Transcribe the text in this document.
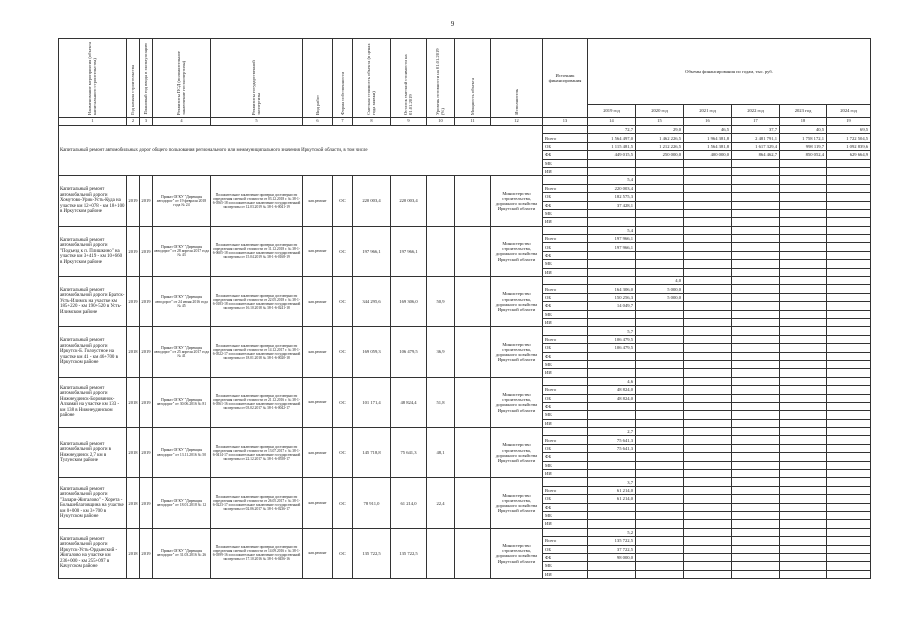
9
Наименование мероприятия (объекта капитального строительства)	Год начала строительства	Плановый год ввода в эксплуатацию	Реквизиты ПСД (положительное заключение госэкспертизы)	Реквизиты государственной экспертизы	Вид работ	Форма собственности	Сметная стоимость объекта (в ценах года заявки)	Остаток сметной стоимости на 01.01.2019	Уровень готовности на 01.01.2019 (%)	Мощность объекта	Исполнитель	Источник финансирования	Объемы финансирования по годам, тыс. руб.					
													2019 год	2020 год	2021 год	2022 год	2023 год	2024 год
1	2	3	4	5	6	7	8	9	10	11	12	13	14	15	16	17	18	19
Капитальный ремонт автомобильных дорог общего пользования регионального или межмуниципального значения Иркутской области, в том числе													72,7	29,0	46,5	37,7	40,5	69,5
												Всего	1 564 497,0	1 462 226,5	1 964 381,8	2 481 791,1	1 758 172,1	1 722 504,5
												ОБ	1 115 481,5	1 212 226,5	1 564 381,8	1 617 329,4	998 119,7	1 092 839,6
												ФБ	449 015,5	250 000,0	400 000,0	864 462,7	850 052,4	629 664,9
												МБ						
												ИИ						
Капитальный ремонт автомобильной дороги Хомутово-Урик-Усть-Куда на участке км 12+078 - км 18+100 в Иркутском районе	2019	2019	Приказ ОГКУ "Дирекция автодорог" от 19 февраля 2018 года № 24	Положительное заключение проверки достоверности определения сметной стоимости от 03.12.2018 г. № 38-1-6-0565-18 и положительное заключение государственной экспертизы от 12.03.2019 № 38-1-6-0041-19	кап.ремонт	ОС	220 003,4	220 003,4			Министерство строительства, дорожного хозяйства Иркутской области		5,4					
												Всего	220 003,4					
												ОБ	182 575,3					
												ФБ	37 428,1					
												МБ						
												ИИ						
Капитальный ремонт автомобильной дороги "Подъезд к п. Плишкино" на участке км 3+419 - км 10+660 в Иркутском районе	2019	2019	Приказ ОГКУ "Дирекция автодорог" от 28 апреля 2017 года № 43	Положительное заключение проверки достоверности определения сметной стоимости от 11.12.2018 г. № 38-1-6-0605-18 и положительное заключение государственной экспертизы от 15.04.2019 № 38-1-6-0168-19	кап.ремонт	ОС	197 966,1	197 966,1			Министерство строительства, дорожного хозяйства Иркутской области		5,4					
												Всего	197 966,1					
												ОБ	197 966,1					
												ФБ						
												МБ						
												ИИ						
Капитальный ремонт автомобильной дороги Братск-Усть-Илимск на участке км 185+220 - км 190+520 в Усть-Илимском районе	2019	2019	Приказ ОГКУ "Дирекция автодорог" от 24 июня 2016 года № 45	Положительное заключение проверки достоверности определения сметной стоимости от 22.05.2018 г. № 38-1-6-0183-18 и положительное заключение государственной экспертизы от 16.10.2018 № 38-1-6-0241-18	кап.ремонт	ОС	344 295,6	169 306,0	50,9		Министерство строительства, дорожного хозяйства Иркутской области			4,0				
												Всего	164 306,0	5 000,0				
												ОБ	150 256,3	5 000,0				
												ФБ	14 049,7					
												МБ						
												ИИ						
Капитальный ремонт автомобильной дороги Иркутск-Б. Голоустное на участке км 41 - км 46+700 в Иркутском районе	2018	2019	Приказ ОГКУ "Дирекция автодорог" от 25 апреля 2017 года № 41	Положительное заключение проверки достоверности определения сметной стоимости от 14.12.2017 г. № 38-1-6-0522-17 и положительное заключение государственной экспертизы от 18.01.2018 № 38-1-6-0020-18	кап.ремонт	ОС	169 059,3	106 479,5	36,9		Министерство строительства, дорожного хозяйства Иркутской области		5,7					
												Всего	106 479,5					
												ОБ	106 479,5					
												ФБ						
												МБ						
												ИИ						
Капитальный ремонт автомобильной дороги Нижнеудинск-Боровинок-Алзамай на участке км 133 - км 138 в Нижнеудинском районе	2018	2019	Приказ ОГКУ "Дирекция автодорог" от 30.06.2016 № 81	Положительное заключение проверки достоверности определения сметной стоимости от 21.12.2016 г. № 38-1-6-0561-16 и положительное заключение государственной экспертизы от 03.02.2017 № 38-1-6-0042-17	кап.ремонт	ОС	101 171,4	48 824,4	51,8		Министерство строительства, дорожного хозяйства Иркутской области		4,6					
												Всего	48 824,0					
												ОБ	48 824,0					
												ФБ						
												МБ						
												ИИ						
Капитальный ремонт автомобильной дороги в Нижнеудинск 2,7 км в Тулунском районе	2018	2019	Приказ ОГКУ "Дирекция автодорог" от 13.11.2016 № 50	Положительное заключение проверки достоверности определения сметной стоимости от 13.07.2017 г. № 38-1-6-0414-17 и положительное заключение государственной экспертизы от 22.12.2017 № 38-1-6-0558-17	кап.ремонт	ОС	145 718,8	75 641,3	48,1		Министерство строительства, дорожного хозяйства Иркутской области		2,7					
												Всего	75 641,3					
												ОБ	75 641,3					
												ФБ						
												МБ						
												ИИ						
Капитальный ремонт автомобильной дороги "Залари-Жигалово" - Хорета - Большеблаговщина на участке км 0+000 - км 3+700 в Нукутском районе	2018	2019	Приказ ОГКУ "Дирекция автодорог" от 18.01.2018 № 12	Положительное заключение проверки достоверности определения сметной стоимости от 26.05.2017 г. № 38-1-6-0223-17 и положительное заключение государственной экспертизы от 02.06.2017 № 38-1-6-0236-17	кап.ремонт	ОС	78 911,0	61 214,0	22,4		Министерство строительства, дорожного хозяйства Иркутской области		3,7					
												Всего	61 214,0					
												ОБ	61 214,0					
												ФБ						
												МБ						
												ИИ						
Капитальный ремонт автомобильной дороги Иркутск-Усть-Ордынский - Жигалово на участке км 236+000 - км 255+097 в Качугском районе	2018	2019	Приказ ОГКУ "Дирекция автодорог" от 31.03.2016 № 26	Положительное заключение проверки достоверности определения сметной стоимости от 14.09.2016 г. № 38-1-6-0399-16 и положительное заключение государственной экспертизы от 17.10.2016 № 38-1-6-0456-16	кап.ремонт	ОС	135 722,5	135 722,5			Министерство строительства, дорожного хозяйства Иркутской области		5,2					
												Всего	135 722,5					
												ОБ	37 722,5					
												ФБ	98 000,0					
												МБ						
												ИИ						
